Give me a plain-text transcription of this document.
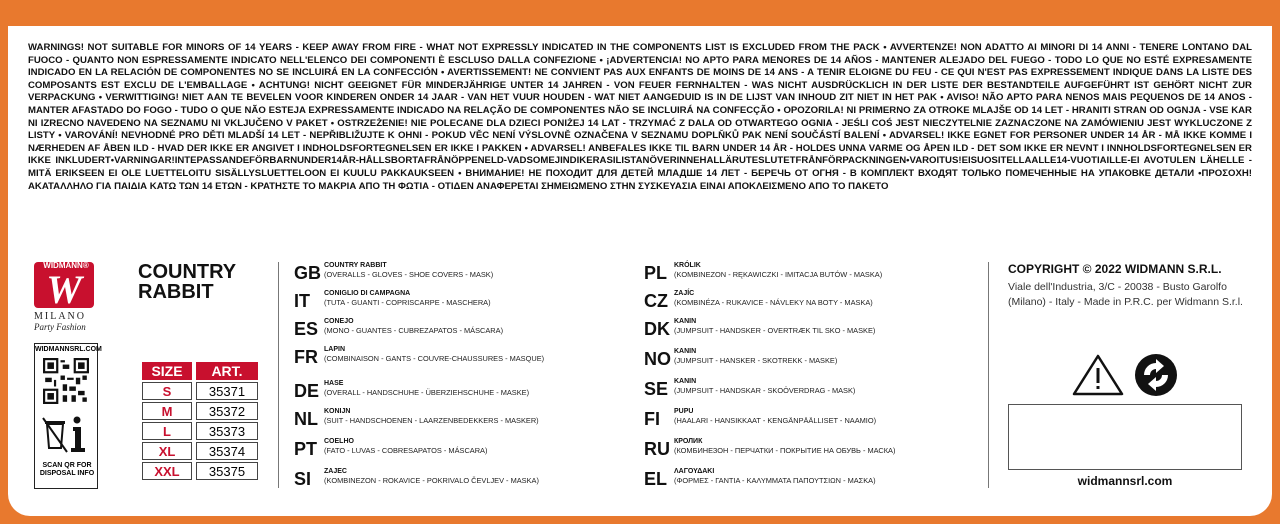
WARNINGS! NOT SUITABLE FOR MINORS OF 14 YEARS - KEEP AWAY FROM FIRE - WHAT NOT EXPRESSLY INDICATED IN THE COMPONENTS LIST IS EXCLUDED FROM THE PACK • AVVERTENZE! NON ADATTO AI MINORI DI 14 ANNI - TENERE LONTANO DAL FUOCO - QUANTO NON ESPRESSAMENTE INDICATO NELL'ELENCO DEI COMPONENTI È ESCLUSO DALLA CONFEZIONE • ¡ADVERTENCIA! NO APTO PARA MENORES DE 14 AÑOS - MANTENER ALEJADO DEL FUEGO - TODO LO QUE NO ESTÉ EXPRESAMENTE INDICADO EN LA RELACIÓN DE COMPONENTES NO SE INCLUIRÁ EN LA CONFECCIÓN • AVERTISSEMENT! NE CONVIENT PAS AUX ENFANTS DE MOINS DE 14 ANS - A TENIR ELOIGNE DU FEU - CE QUI N'EST PAS EXPRESSEMENT INDIQUE DANS LA LISTE DES COMPOSANTS EST EXCLU DE L'EMBALLAGE • ACHTUNG! NICHT GEEIGNET FÜR MINDERJÄHRIGE UNTER 14 JAHREN - VON FEUER FERNHALTEN - WAS NICHT AUSDRÜCKLICH IN DER LISTE DER BESTANDTEILE AUFGEFÜHRT IST GEHÖRT NICHT ZUR VERPACKUNG • VERWITTIGING! NIET AAN TE BEVELEN VOOR KINDEREN ONDER 14 JAAR - VAN HET VUUR HOUDEN - WAT NIET AANGEDUID IS IN DE LIJST VAN INHOUD ZIT NIET IN HET PAK • AVISO! NÃO APTO PARA NENOS MAIS PEQUENOS DE 14 ANOS - MANTER AFASTADO DO FOGO - TUDO O QUE NÃO ESTEJA EXPRESSAMENTE INDICADO NA RELAÇÃO DE COMPONENTES NÃO SE INCLUIRÁ NA CONFECÇÃO • OPOZORILA! NI PRIMERNO ZA OTROKE MLAJŠE OD 14 LET - HRANITI STRAN OD OGNJA - VSE KAR NI IZRECNO NAVEDENO NA SEZNAMU NI VKLJUČENO V PAKET • OSTRZEŻENIE! NIE POLECANE DLA DZIECI PONIŻEJ 14 LAT - TRZYMAĆ Z DALA OD OTWARTEGO OGNIA - JEŚLI COŚ JEST NIECZYTELNIE ZAZNACZONE NA ZAMÓWIENIU JEST WYKLUCZONE Z LISTY • VAROVÁNÍ! NEVHODNÉ PRO DĚTI MLADŠÍ 14 LET - NEPŘIBLIŽUJTE K OHNI - POKUD VĚC NENÍ VÝSLOVNĚ OZNAČENA V SEZNAMU DOPLŇKŮ PAK NENÍ SOUČÁSTÍ BALENÍ • ADVARSEL! IKKE EGNET FOR PERSONER UNDER 14 ÅR - MÅ IKKE KOMME I NÆRHEDEN AF ÅBEN ILD - HVAD DER IKKE ER ANGIVET I INDHOLDSFORTEGNELSEN ER IKKE I PAKKEN • ADVARSEL! ANBEFALES IKKE TIL BARN UNDER 14 ÅR - HOLDES UNNA VARME OG ÅPEN ILD - DET SOM IKKE ER NEVNT I INNHOLDSFORTEGNELSEN ER IKKE INKLUDERT•VARNINGAR!INTEPASSANDEFÖRBARNUNDER14ÅR-HÅLLSBORTAFRÅNÖPPENELD-VADSOMEJINDIKERASILISTANÖVERINNEHALLÄRUTESLUTETFRÅNFÖRPACKNINGEN•VAROITUS!EISUOSITELLAALLE14-VUOTIAILLE-EI AVOTULEN LÄHELLE - MITÄ ERIKSEEN EI OLE LUETTELOITU SISÄLLYSLUETTELOON EI KUULU PAKKAUKSEEN • ВНИМАНИЕ! НЕ ПОХОДИТ ДЛЯ ДЕТЕЙ МЛАДШЕ 14 ЛЕТ - БЕРЕЧЬ ОТ ОГНЯ - В КОМПЛЕКТ ВХОДЯТ ТОЛЬКО ПОМЕЧЕННЫЕ НА УПАКОВКЕ ДЕТАЛИ •ΠΡΟΣΟΧΗ! ΑΚΑΤΑΛΛΗΛΟ ΓΙΑ ΠΑΙΔΙΑ ΚΑΤΩ ΤΩΝ 14 ΕΤΩΝ - ΚΡΑΤΗΣΤΕ ΤΟ ΜΑΚΡΙΑ ΑΠΟ ΤΗ ΦΩΤΙΑ - ΟΤΙΔΕΝ ΑΝΑΦΕΡΕΤΑΙ ΣΗΜΕΙΩΜΕΝΟ ΣΤΗΝ ΣΥΣΚΕΥΑΣΙΑ ΕΙΝΑΙ ΑΠΟΚΛΕΙΣΜΕΝΟ ΑΠΟ ΤΟ ΠΑΚΕΤΟ
W
WIDMANN®
MILANO
Party Fashion
WIDMANNSRL.COM
SCAN QR FOR DISPOSAL INFO
COUNTRY
RABBIT
SIZE	ART.
S	35371
M	35372
L	35373
XL	35374
XXL	35375
GB COUNTRY RABBIT
(OVERALLS - GLOVES - SHOE COVERS - MASK)
IT CONIGLIO DI CAMPAGNA
(TUTA - GUANTI - COPRISCARPE - MASCHERA)
ES CONEJO
(MONO - GUANTES - CUBREZAPATOS - MÁSCARA)
FR LAPIN
(COMBINAISON - GANTS - COUVRE-CHAUSSURES - MASQUE)
DE HASE
(OVERALL - HANDSCHUHE - ÜBERZIEHSCHUHE - MASKE)
NL KONIJN
(SUIT - HANDSCHOENEN - LAARZENBEDEKKERS - MASKER)
PT COELHO
(FATO - LUVAS - COBRESAPATOS - MÁSCARA)
SI ZAJEC
(KOMBINEZON - ROKAVICE - POKRIVALO ČEVLJEV - MASKA)
PL KRÓLIK
(KOMBINEZON - RĘKAWICZKI - IMITACJA BUTÓW - MASKA)
CZ ZAJÍC
(KOMBINÉZA - RUKAVICE - NÁVLEKY NA BOTY - MASKA)
DK KANIN
(JUMPSUIT - HANDSKER - OVERTRÆK TIL SKO - MASKE)
NO KANIN
(JUMPSUIT - HANSKER - SKOTREKK - MASKE)
SE KANIN
(JUMPSUIT - HANDSKAR - SKOÖVERDRAG - MASK)
FI PUPU
(HAALARI - HANSIKKAAT - KENGÄNPÄÄLLISET - NAAMIO)
RU КРОЛИК
(КОМБИНЕЗОН - ПЕРЧАТКИ - ПОКРЫТИЕ НА ОБУВЬ - МАСКА)
EL ΛΑΓΟΥΔΑΚΙ
(ΦΟΡΜΕΣ - ΓΑΝΤΙΑ - ΚΑΛΥΜΜΑΤΑ ΠΑΠΟΥΤΣΙΩΝ - ΜΑΣΚΑ)
COPYRIGHT © 2022 WIDMANN S.R.L.
Viale dell'Industria, 3/C - 20038 - Busto Garolfo
(Milano) - Italy - Made in P.R.C. per Widmann S.r.l.
widmannsrl.com
